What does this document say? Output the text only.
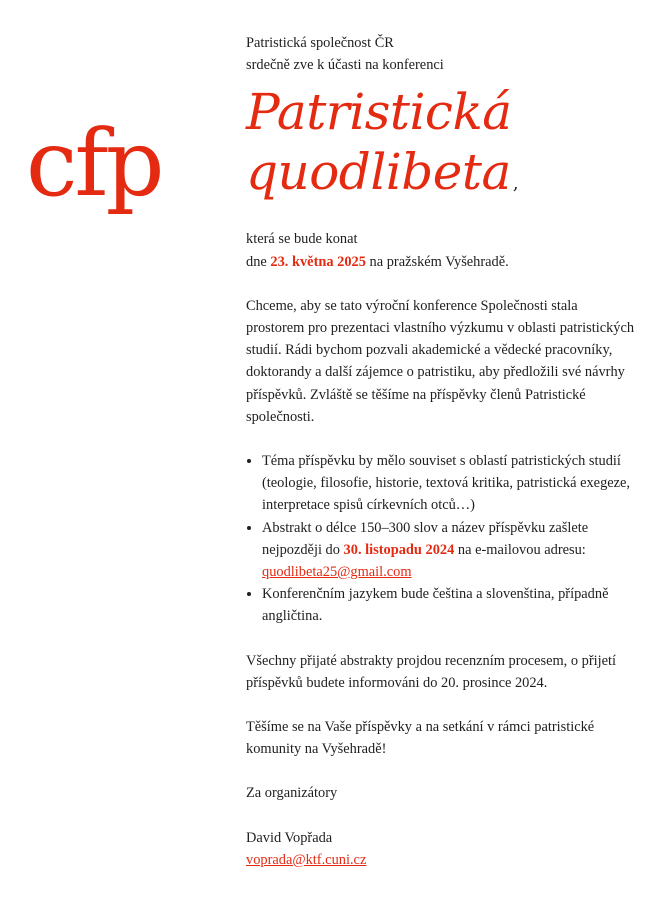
cfp

Patristická společnost ČR

srdečně zve k účasti na konferenci

Patristická
quodlibeta ,

která se bude konat

dne 23. května 2025 na pražském Vyšehradě.

Chceme, aby se tato výroční konference Společnosti stala prostorem pro prezentaci vlastního výzkumu v oblasti patristických studií. Rádi bychom pozvali akademické a vědecké pracovníky, doktorandy a další zájemce o patristiku, aby předložili své návrhy příspěvků. Zvláště se těšíme na příspěvky členů Patristické společnosti.

• Téma příspěvku by mělo souviset s oblastí patristických studií (teologie, filosofie, historie, textová kritika, patristická exegeze, interpretace spisů církevních otců…)
• Abstrakt o délce 150–300 slov a název příspěvku zašlete nejpozději do 30. listopadu 2024 na e-mailovou adresu:
quodlibeta25@gmail.com
• Konferenčním jazykem bude čeština a slovenština, případně angličtina.

Všechny přijaté abstrakty projdou recenzním procesem, o přijetí příspěvků budete informováni do 20. prosince 2024.

Těšíme se na Vaše příspěvky a na setkání v rámci patristické komunity na Vyšehradě!

Za organizátory

David Vopřada

voprada@ktf.cuni.cz
